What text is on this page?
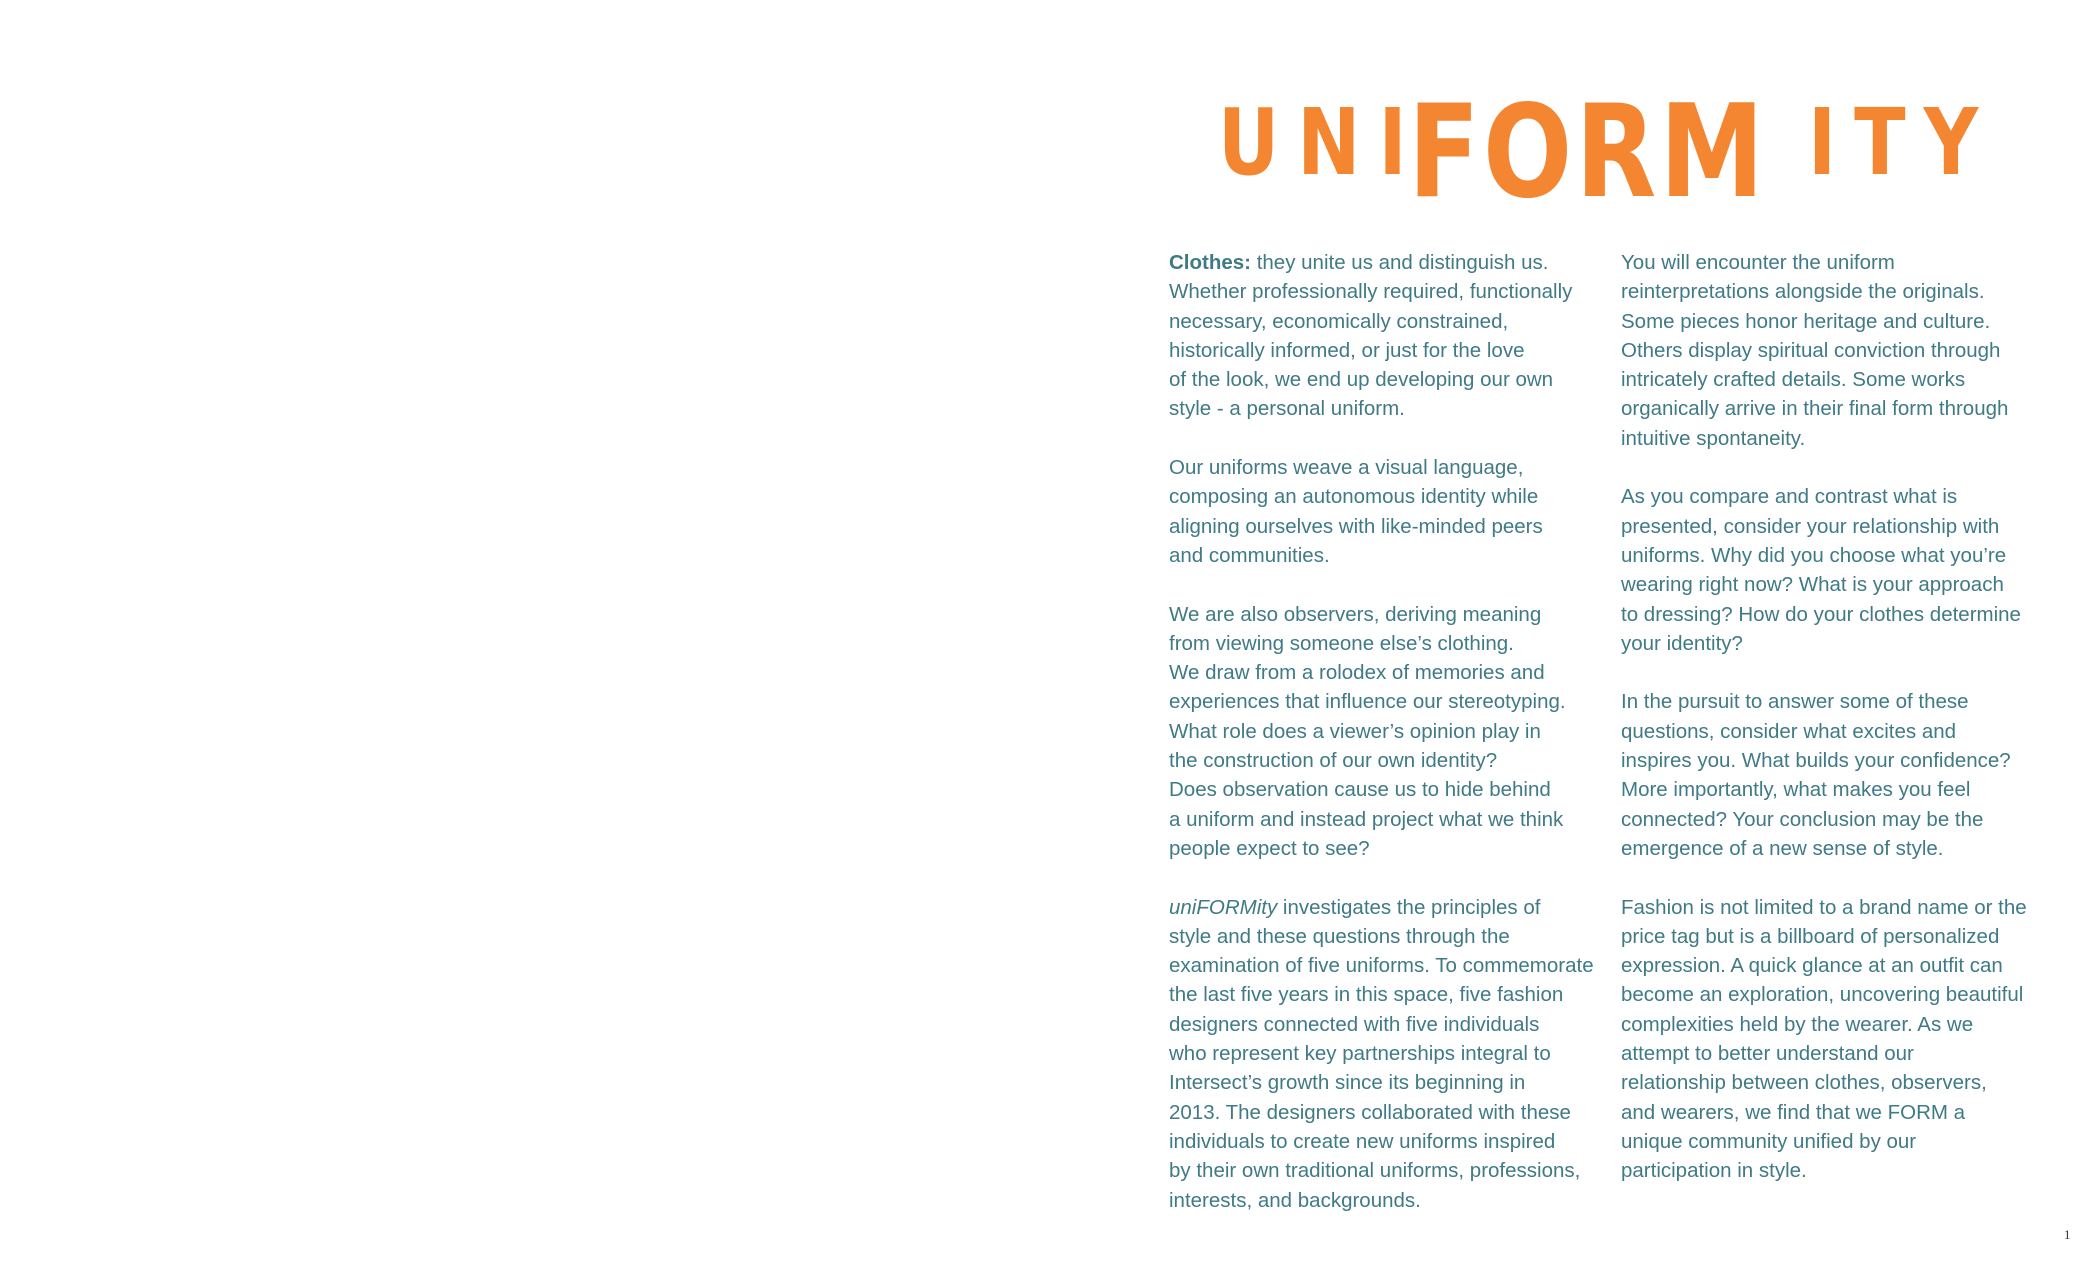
UNI
FORM ITY

Clothes: they unite us and distinguish us.
Whether professionally required, functionally
necessary, economically constrained,
historically informed, or just for the love
of the look, we end up developing our own
style - a personal uniform.

Our uniforms weave a visual language,
composing an autonomous identity while
aligning ourselves with like-minded peers
and communities.

We are also observers, deriving meaning
from viewing someone else’s clothing.
We draw from a rolodex of memories and
experiences that influence our stereotyping.
What role does a viewer’s opinion play in
the construction of our own identity?
Does observation cause us to hide behind
a uniform and instead project what we think
people expect to see?

uniFORMity investigates the principles of
style and these questions through the
examination of five uniforms. To commemorate
the last five years in this space, five fashion
designers connected with five individuals
who represent key partnerships integral to
Intersect’s growth since its beginning in
2013. The designers collaborated with these
individuals to create new uniforms inspired
by their own traditional uniforms, professions,
interests, and backgrounds.

You will encounter the uniform
reinterpretations alongside the originals.
Some pieces honor heritage and culture.
Others display spiritual conviction through
intricately crafted details. Some works
organically arrive in their final form through
intuitive spontaneity.

As you compare and contrast what is
presented, consider your relationship with
uniforms. Why did you choose what you’re
wearing right now? What is your approach
to dressing? How do your clothes determine
your identity?

In the pursuit to answer some of these
questions, consider what excites and
inspires you. What builds your confidence?
More importantly, what makes you feel
connected? Your conclusion may be the
emergence of a new sense of style.

Fashion is not limited to a brand name or the
price tag but is a billboard of personalized
expression. A quick glance at an outfit can
become an exploration, uncovering beautiful
complexities held by the wearer. As we
attempt to better understand our
relationship between clothes, observers,
and wearers, we find that we FORM a
unique community unified by our
participation in style.

1
